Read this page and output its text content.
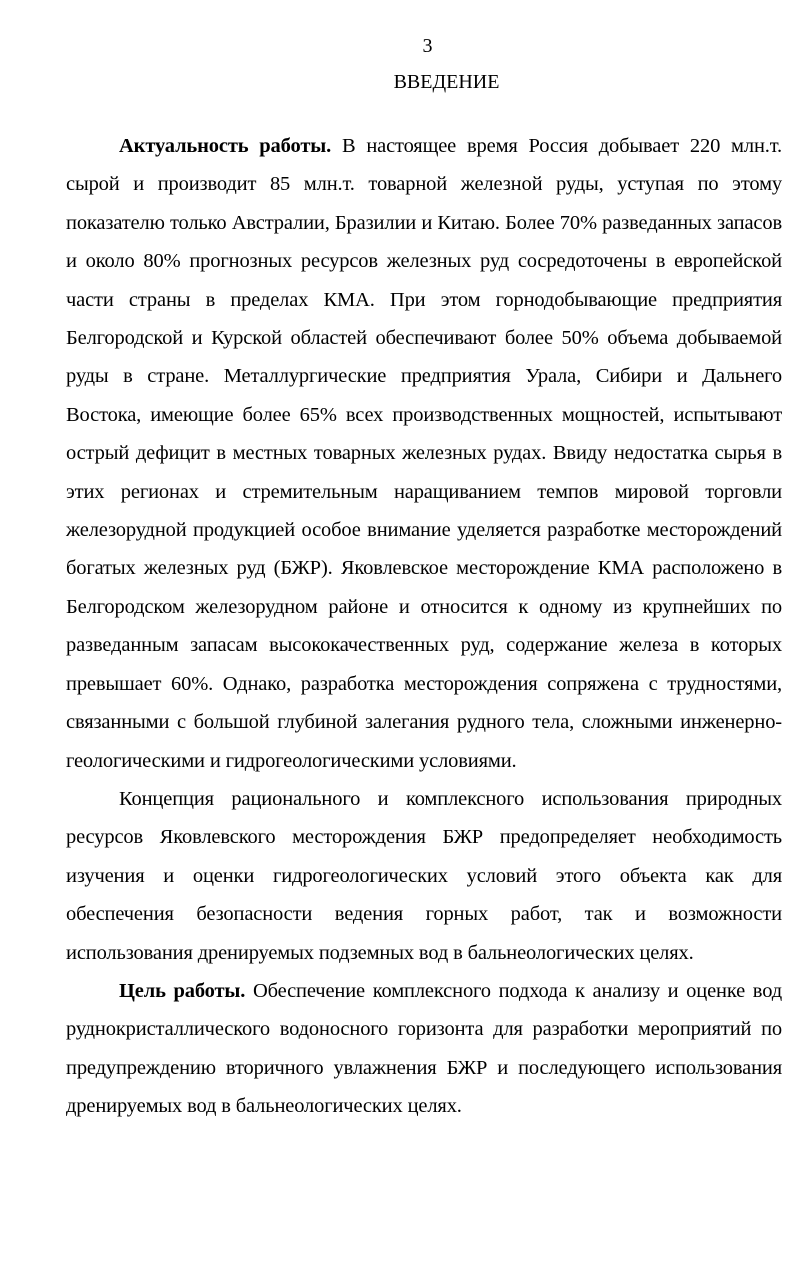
3
ВВЕДЕНИЕ

Актуальность работы. В настоящее время Россия добывает 220 млн.т. сырой и производит 85 млн.т. товарной железной руды, уступая по этому показателю только Австралии, Бразилии и Китаю. Более 70% разведанных запасов и около 80% прогнозных ресурсов железных руд сосредоточены в европейской части страны в пределах КМА. При этом горнодобывающие предприятия Белгородской и Курской областей обеспечивают более 50% объема добываемой руды в стране. Металлургические предприятия Урала, Сибири и Дальнего Востока, имеющие более 65% всех производственных мощностей, испытывают острый дефицит в местных товарных железных рудах. Ввиду недостатка сырья в этих регионах и стремительным наращиванием темпов мировой торговли железорудной продукцией особое внимание уделяется разработке месторождений богатых железных руд (БЖР). Яковлевское месторождение КМА расположено в Белгородском железорудном районе и относится к одному из крупнейших по разведанным запасам высококачественных руд, содержание железа в которых превышает 60%. Однако, разработка месторождения сопряжена с трудностями, связанными с большой глубиной залегания рудного тела, сложными инженерно-геологическими и гидрогеологическими условиями.

Концепция рационального и комплексного использования природных ресурсов Яковлевского месторождения БЖР предопределяет необходимость изучения и оценки гидрогеологических условий этого объекта как для обеспечения безопасности ведения горных работ, так и возможности использования дренируемых подземных вод в бальнеологических целях.

Цель работы. Обеспечение комплексного подхода к анализу и оценке вод руднокристаллического водоносного горизонта для разработки мероприятий по предупреждению вторичного увлажнения БЖР и последующего использования дренируемых вод в бальнеологических целях.
